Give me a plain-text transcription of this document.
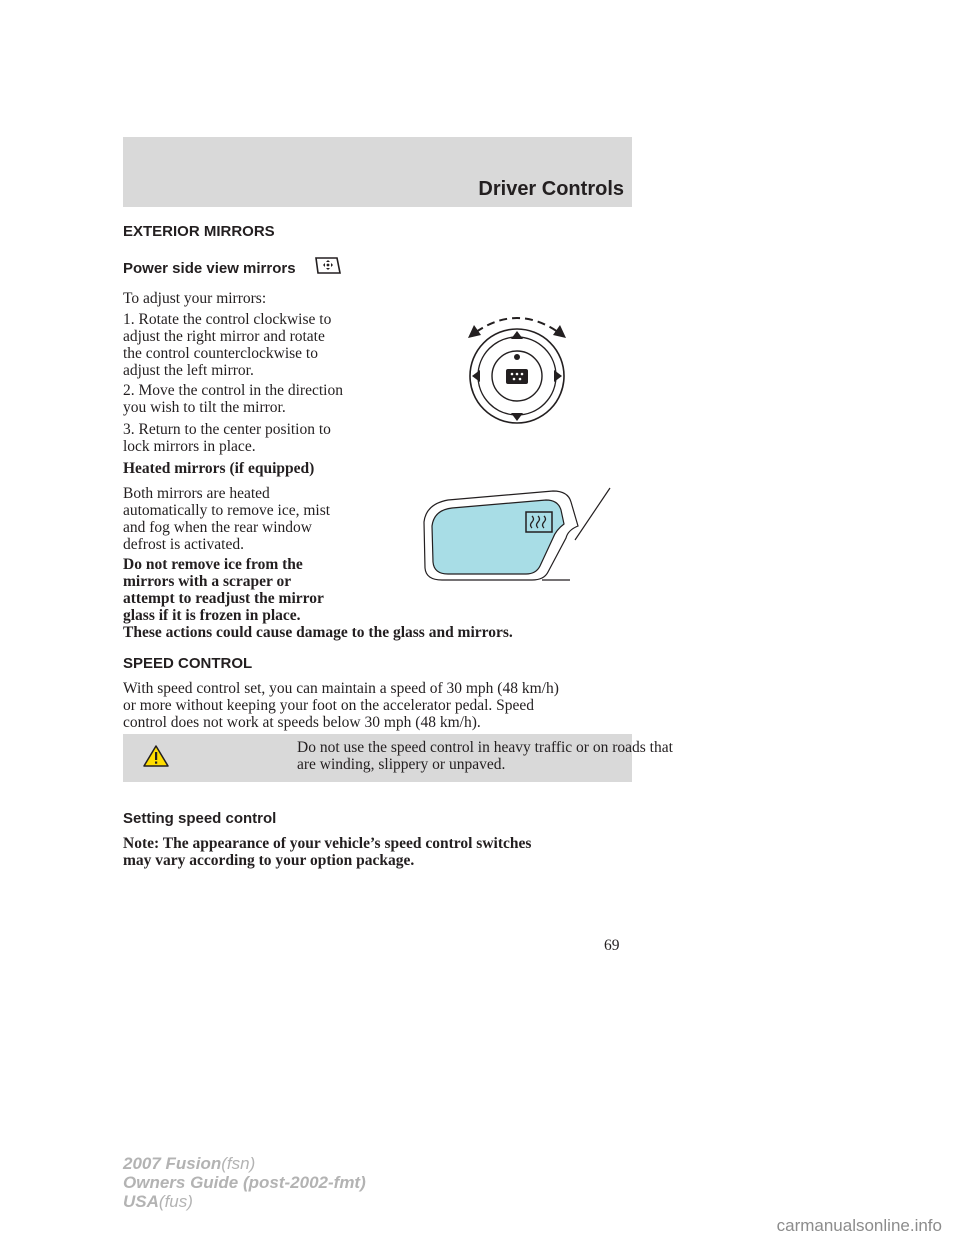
Driver Controls
EXTERIOR MIRRORS
Power side view mirrors
To adjust your mirrors:
1. Rotate the control clockwise to
adjust the right mirror and rotate
the control counterclockwise to
adjust the left mirror.
2. Move the control in the direction
you wish to tilt the mirror.
3. Return to the center position to
lock mirrors in place.
Heated mirrors (if equipped)
Both mirrors are heated
automatically to remove ice, mist
and fog when the rear window
defrost is activated.
Do not remove ice from the
mirrors with a scraper or
attempt to readjust the mirror
glass if it is frozen in place.
These actions could cause damage to the glass and mirrors.
SPEED CONTROL
With speed control set, you can maintain a speed of 30 mph (48 km/h)
or more without keeping your foot on the accelerator pedal. Speed
control does not work at speeds below 30 mph (48 km/h).
Do not use the speed control in heavy traffic or on roads that
are winding, slippery or unpaved.
Setting speed control
Note: The appearance of your vehicle’s speed control switches
may vary according to your option package.
69
2007 Fusion(fsn)
Owners Guide (post-2002-fmt)
USA(fus)
carmanualsonline.info
